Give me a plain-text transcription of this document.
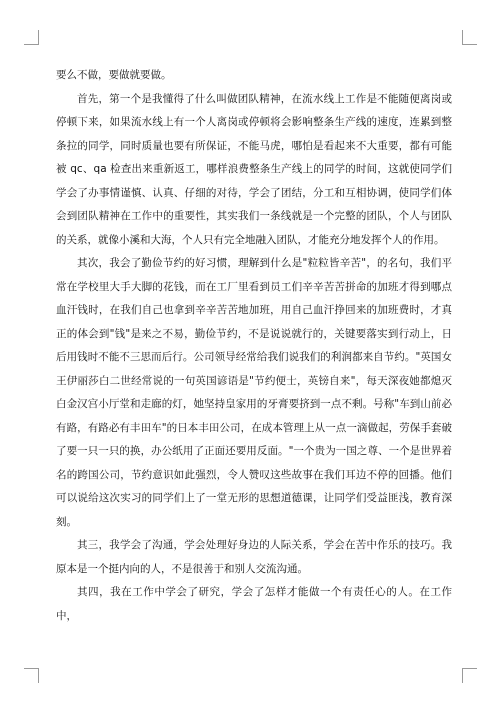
要么不做，要做就要做。

首先，第一个是我懂得了什么叫做团队精神，在流水线上工作是不能随便离岗或停顿下来，如果流水线上有一个人离岗或停顿将会影响整条生产线的速度，连累到整条拉的同学，同时质量也要有所保证，不能马虎，哪怕是看起来不大重要，都有可能被 qc、qa 检查出来重新返工，哪样浪费整条生产线上的同学的时间，这就使同学们学会了办事情谨慎、认真、仔细的对待，学会了团结，分工和互相协调，使同学们体会到团队精神在工作中的重要性，其实我们一条线就是一个完整的团队，个人与团队的关系，就像小溪和大海，个人只有完全地融入团队，才能充分地发挥个人的作用。

其次，我会了勤俭节约的好习惯，理解到什么是"粒粒皆辛苦"，的名句，我们平常在学校里大手大脚的花钱，而在工厂里看到员工们辛辛苦苦拼命的加班才得到哪点血汗钱时，在我们自己也拿到辛辛苦苦地加班，用自己血汗挣回来的加班费时，才真正的体会到"钱"是来之不易，勤俭节约，不是说说就行的，关键要落实到行动上，日后用钱时不能不三思而后行。公司领导经常给我们说我们的利润都来自节约。"英国女王伊丽莎白二世经常说的一句英国谚语是"节约便士，英镑自来"，每天深夜她都熄灭白金汉宫小厅堂和走廊的灯，她坚持皇家用的牙膏要挤到一点不剩。号称"车到山前必有路，有路必有丰田车"的日本丰田公司，在成本管理上从一点一滴做起，劳保手套破了要一只一只的换，办公纸用了正面还要用反面。"一个贵为一国之尊、一个是世界着名的跨国公司，节约意识如此强烈，令人赞叹这些故事在我们耳边不停的回播。他们可以说给这次实习的同学们上了一堂无形的思想道德课，让同学们受益匪浅，教育深刻。

其三，我学会了沟通，学会处理好身边的人际关系，学会在苦中作乐的技巧。我原本是一个挺内向的人，不是很善于和别人交流沟通。

其四，我在工作中学会了研究，学会了怎样才能做一个有责任心的人。在工作中，
